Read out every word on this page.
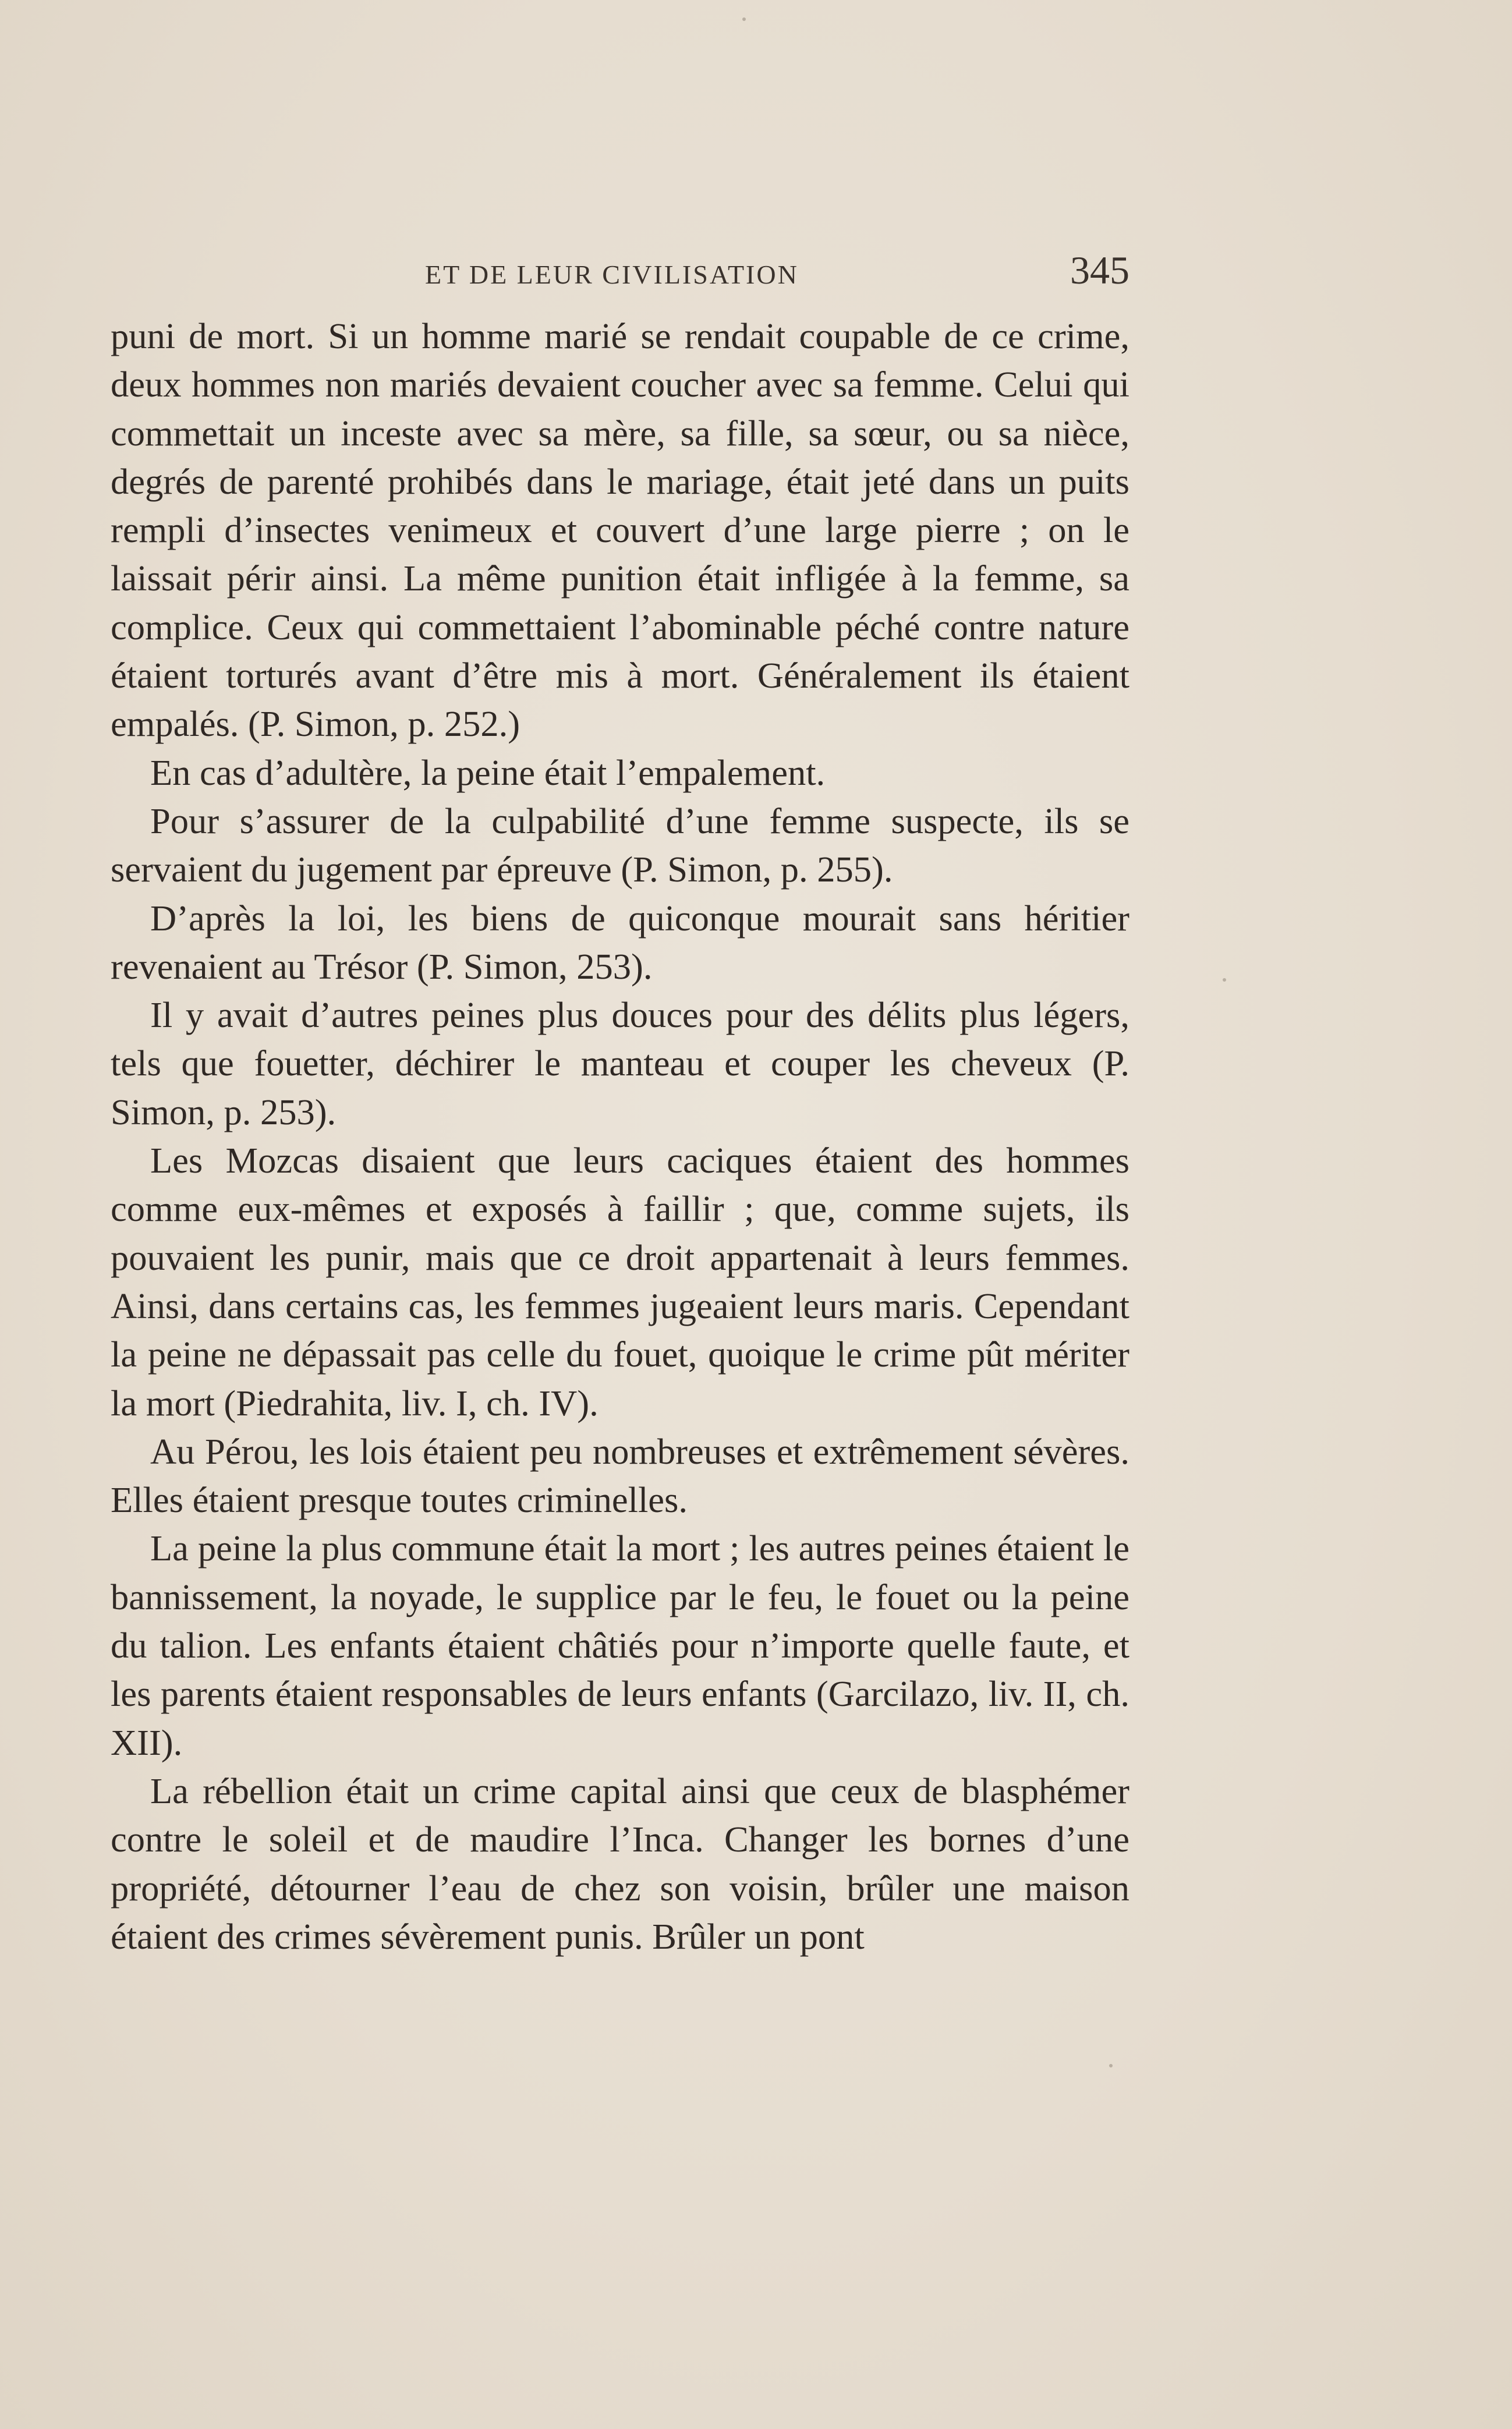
ET DE LEUR CIVILISATION	345

puni de mort. Si un homme marié se rendait coupable de ce crime, deux hommes non mariés devaient coucher avec sa femme. Celui qui commettait un inceste avec sa mère, sa fille, sa sœur, ou sa nièce, degrés de parenté prohibés dans le mariage, était jeté dans un puits rempli d’insectes venimeux et couvert d’une large pierre ; on le laissait périr ainsi. La même punition était infligée à la femme, sa complice. Ceux qui commettaient l’abominable péché contre nature étaient torturés avant d’être mis à mort. Généralement ils étaient empalés. (P. Simon, p. 252.)

En cas d’adultère, la peine était l’empalement.

Pour s’assurer de la culpabilité d’une femme suspecte, ils se servaient du jugement par épreuve (P. Simon, p. 255).

D’après la loi, les biens de quiconque mourait sans héritier revenaient au Trésor (P. Simon, 253).

Il y avait d’autres peines plus douces pour des délits plus légers, tels que fouetter, déchirer le manteau et couper les cheveux (P. Simon, p. 253).

Les Mozcas disaient que leurs caciques étaient des hommes comme eux-mêmes et exposés à faillir ; que, comme sujets, ils pouvaient les punir, mais que ce droit appartenait à leurs femmes. Ainsi, dans certains cas, les femmes jugeaient leurs maris. Cependant la peine ne dépassait pas celle du fouet, quoique le crime pût mériter la mort (Piedrahita, liv. I, ch. IV).

Au Pérou, les lois étaient peu nombreuses et extrêmement sévères. Elles étaient presque toutes criminelles.

La peine la plus commune était la mort ; les autres peines étaient le bannissement, la noyade, le supplice par le feu, le fouet ou la peine du talion. Les enfants étaient châtiés pour n’importe quelle faute, et les parents étaient responsables de leurs enfants (Garcilazo, liv. II, ch. XII).

La rébellion était un crime capital ainsi que ceux de blasphémer contre le soleil et de maudire l’Inca. Changer les bornes d’une propriété, détourner l’eau de chez son voisin, brûler une maison étaient des crimes sévèrement punis. Brûler un pont
